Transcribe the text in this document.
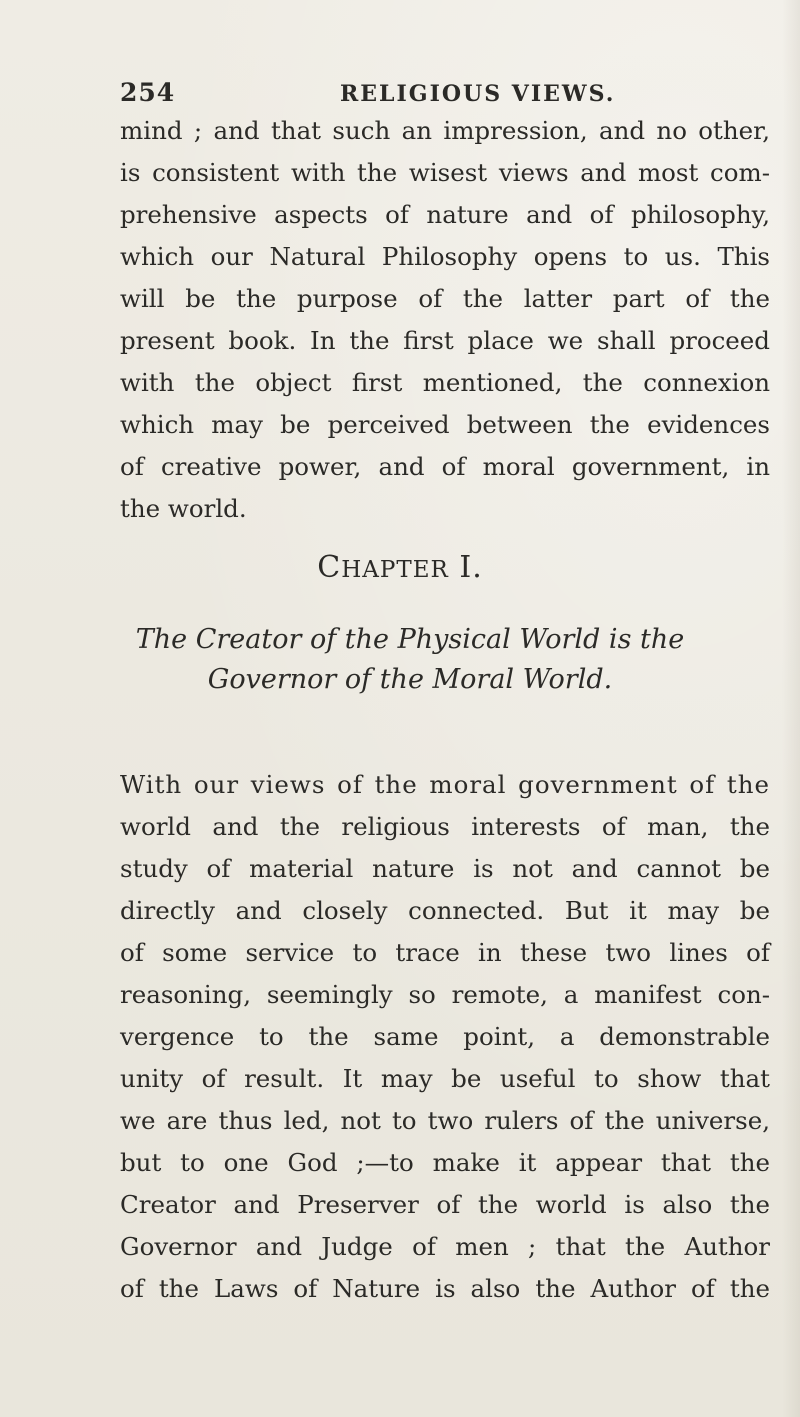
254	RELIGIOUS VIEWS.
mind ; and that such an impression, and no other,
is consistent with the wisest views and most com-
prehensive aspects of nature and of philosophy,
which our Natural Philosophy opens to us. This
will be the purpose of the latter part of the
present book. In the first place we shall proceed
with the object first mentioned, the connexion
which may be perceived between the evidences
of creative power, and of moral government, in
the world.
CHAPTER I.
The Creator of the Physical World is the
Governor of the Moral World.
With our views of the moral government of the
world and the religious interests of man, the
study of material nature is not and cannot be
directly and closely connected. But it may be
of some service to trace in these two lines of
reasoning, seemingly so remote, a manifest con-
vergence to the same point, a demonstrable
unity of result. It may be useful to show that
we are thus led, not to two rulers of the universe,
but to one God ;—to make it appear that the
Creator and Preserver of the world is also the
Governor and Judge of men ; that the Author
of the Laws of Nature is also the Author of the
